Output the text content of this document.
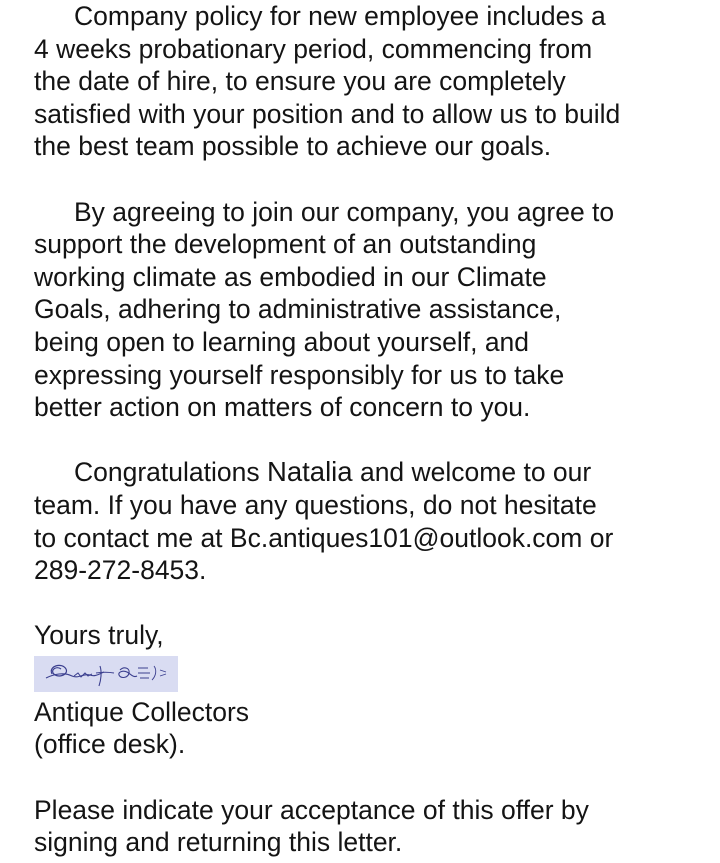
Company policy for new employee includes a
4 weeks probationary period, commencing from
the date of hire, to ensure you are completely
satisfied with your position and to allow us to build
the best team possible to achieve our goals.
By agreeing to join our company, you agree to
support the development of an outstanding
working climate as embodied in our Climate
Goals, adhering to administrative assistance,
being open to learning about yourself, and
expressing yourself responsibly for us to take
better action on matters of concern to you.
Congratulations Natalia and welcome to our
team. If you have any questions, do not hesitate
to contact me at Bc.antiques101@outlook.com or
289-272-8453.
Yours truly,
Antique Collectors
(office desk).
Please indicate your acceptance of this offer by
signing and returning this letter.
